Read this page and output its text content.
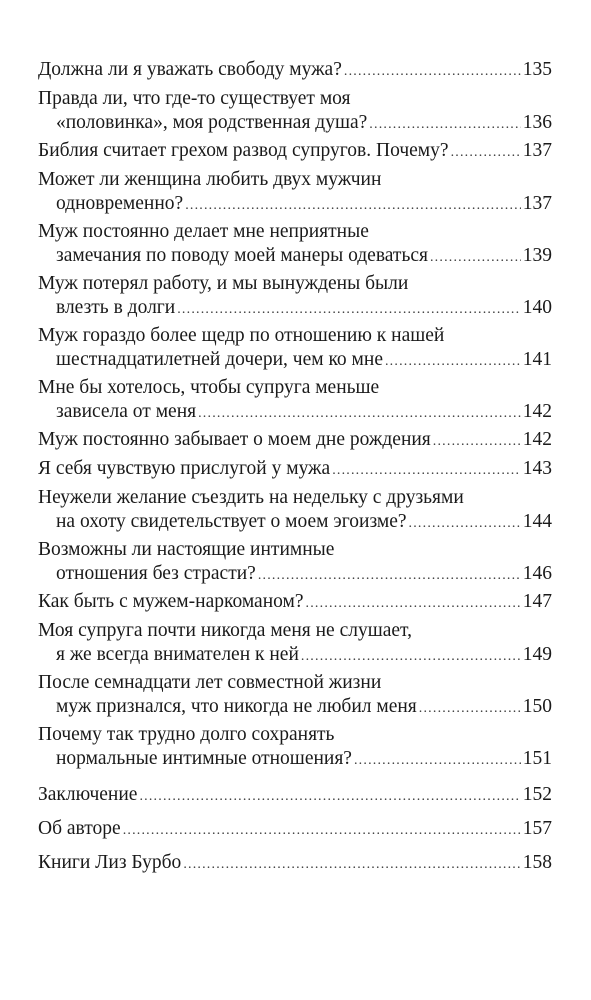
Должна ли я уважать свободу мужа? .....	135
Правда ли, что где-то существует моя
«половинка», моя родственная душа? .....	136
Библия считает грехом развод супругов. Почему? .....	137
Может ли женщина любить двух мужчин
одновременно? .....	137
Муж постоянно делает мне неприятные
замечания по поводу моей манеры одеваться .....	139
Муж потерял работу, и мы вынуждены были
влезть в долги .....	140
Муж гораздо более щедр по отношению к нашей
шестнадцатилетней дочери, чем ко мне .....	141
Мне бы хотелось, чтобы супруга меньше
зависела от меня .....	142
Муж постоянно забывает о моем дне рождения .....	142
Я себя чувствую прислугой у мужа .....	143
Неужели желание съездить на недельку с друзьями
на охоту свидетельствует о моем эгоизме? .....	144
Возможны ли настоящие интимные
отношения без страсти? .....	146
Как быть с мужем-наркоманом? .....	147
Моя супруга почти никогда меня не слушает,
я же всегда внимателен к ней .....	149
После семнадцати лет совместной жизни
муж признался, что никогда не любил меня .....	150
Почему так трудно долго сохранять
нормальные интимные отношения? .....	151
Заключение .....	152
Об авторе .....	157
Книги Лиз Бурбо .....	158
